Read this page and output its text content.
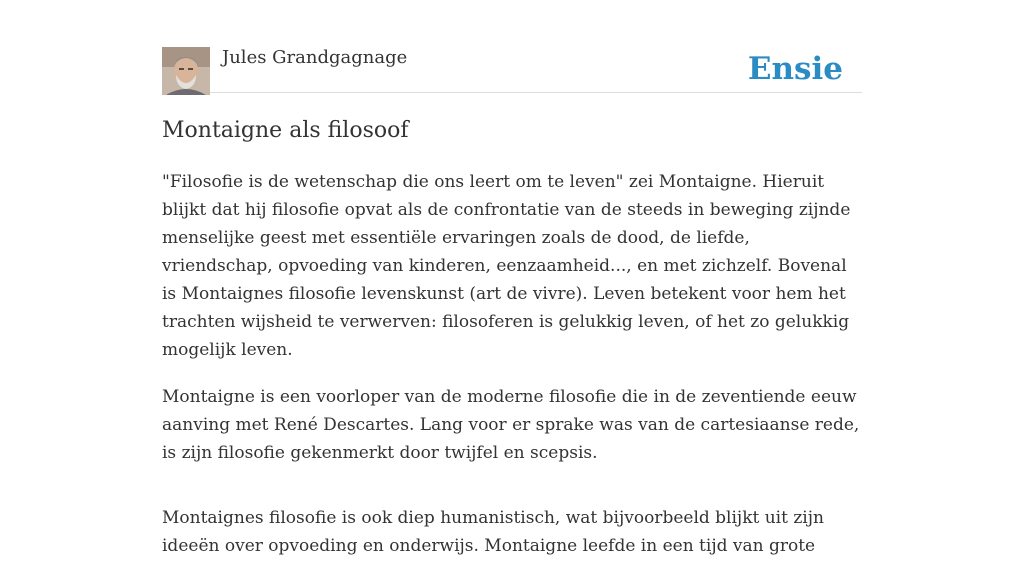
Jules Grandgagnage	Ensie
Montaigne als filosoof

"Filosofie is de wetenschap die ons leert om te leven" zei Montaigne. Hieruit blijkt dat hij filosofie opvat als de confrontatie van de steeds in beweging zijnde menselijke geest met essentiële ervaringen zoals de dood, de liefde, vriendschap, opvoeding van kinderen, eenzaamheid..., en met zichzelf. Bovenal is Montaignes filosofie levenskunst (art de vivre). Leven betekent voor hem het trachten wijsheid te verwerven: filosoferen is gelukkig leven, of het zo gelukkig mogelijk leven.

Montaigne is een voorloper van de moderne filosofie die in de zeventiende eeuw aanving met René Descartes. Lang voor er sprake was van de cartesiaanse rede, is zijn filosofie gekenmerkt door twijfel en scepsis.

Montaignes filosofie is ook diep humanistisch, wat bijvoorbeeld blijkt uit zijn ideeën over opvoeding en onderwijs. Montaigne leefde in een tijd van grote
